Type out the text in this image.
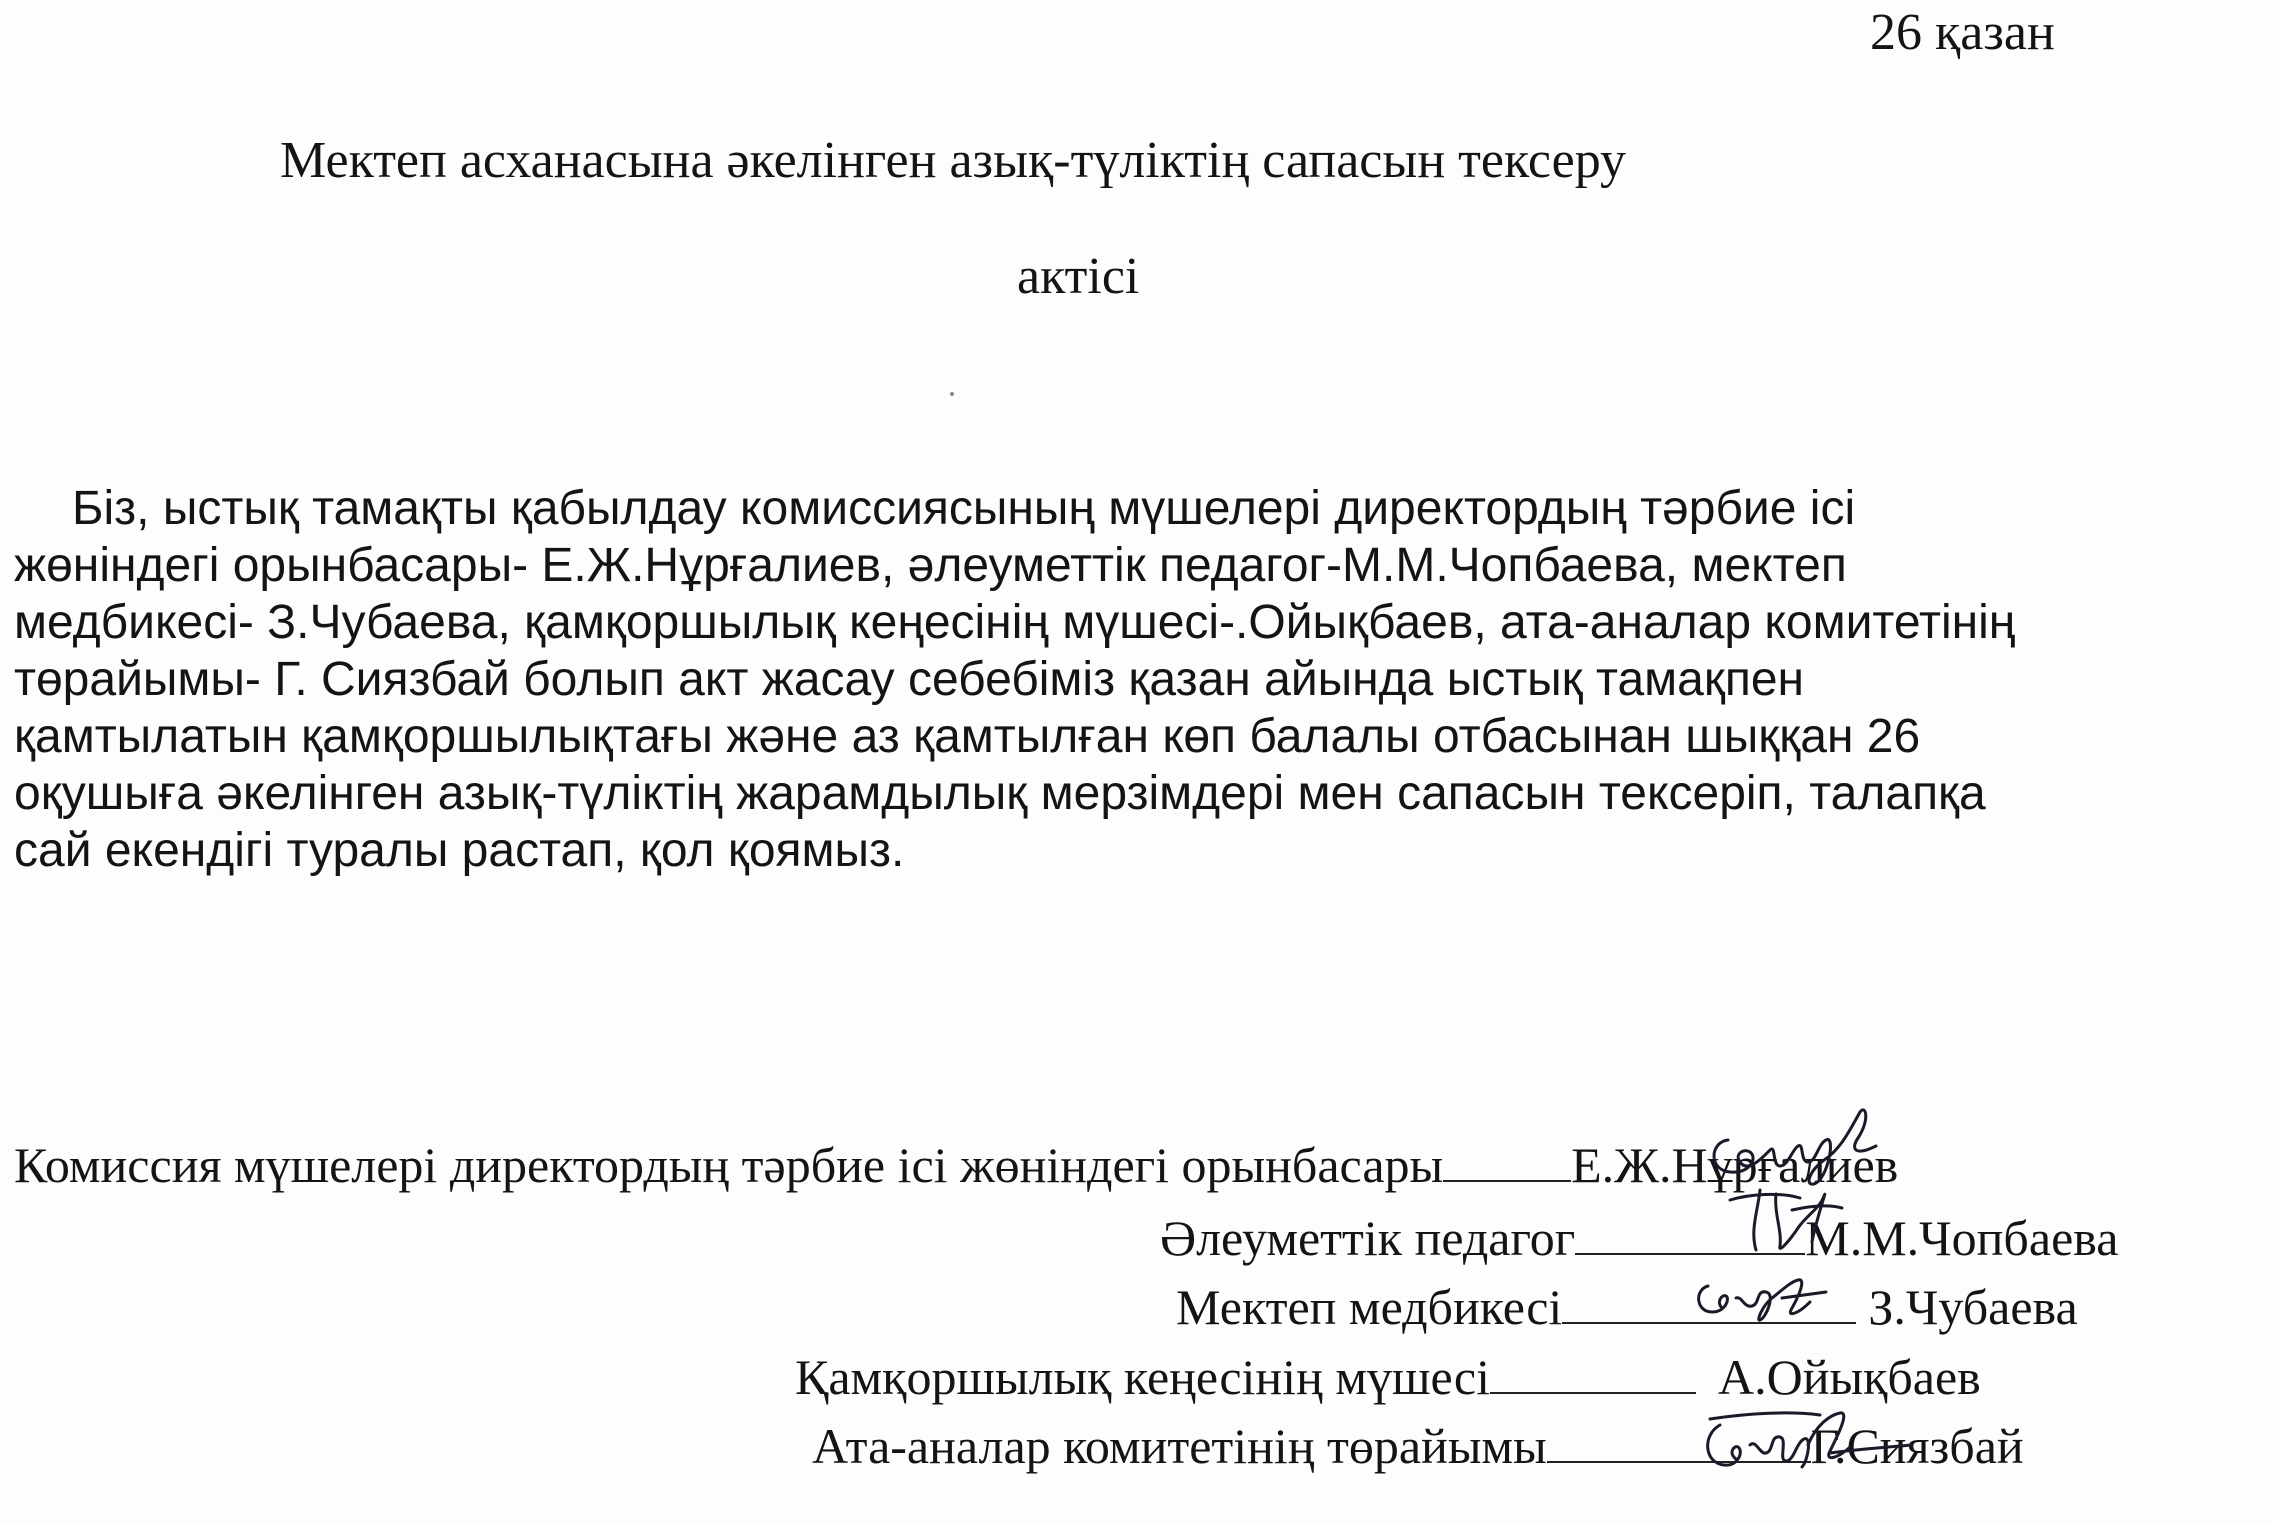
26 қазан
Мектеп асханасына әкелінген азық-түліктің сапасын тексеру
актісі
Біз, ыстық тамақты қабылдау комиссиясының мүшелері директордың тәрбие ісі
жөніндегі орынбасары- Е.Ж.Нұрғалиев, әлеуметтік педагог-М.М.Чопбаева, мектеп
медбикесі- З.Чубаева, қамқоршылық кеңесінің мүшесі-.Ойықбаев, ата-аналар комитетінің
төрайымы- Г. Сиязбай болып акт жасау себебіміз қазан айында ыстық тамақпен
қамтылатын қамқоршылықтағы және аз қамтылған көп балалы отбасынан шыққан 26
оқушыға әкелінген азық-түліктің жарамдылық мерзімдері мен сапасын тексеріп, талапқа
сай екендігі туралы растап, қол қоямыз.
Комиссия мүшелері директордың тәрбие ісі жөніндегі орынбасары	Е.Ж.Нұрғалиев
Әлеуметтік педагог	М.М.Чопбаева
Мектеп медбикесі	З.Чубаева
Қамқоршылық кеңесінің мүшесі	А.Ойықбаев
Ата-аналар комитетінің төрайымы	Г.Сиязбай
